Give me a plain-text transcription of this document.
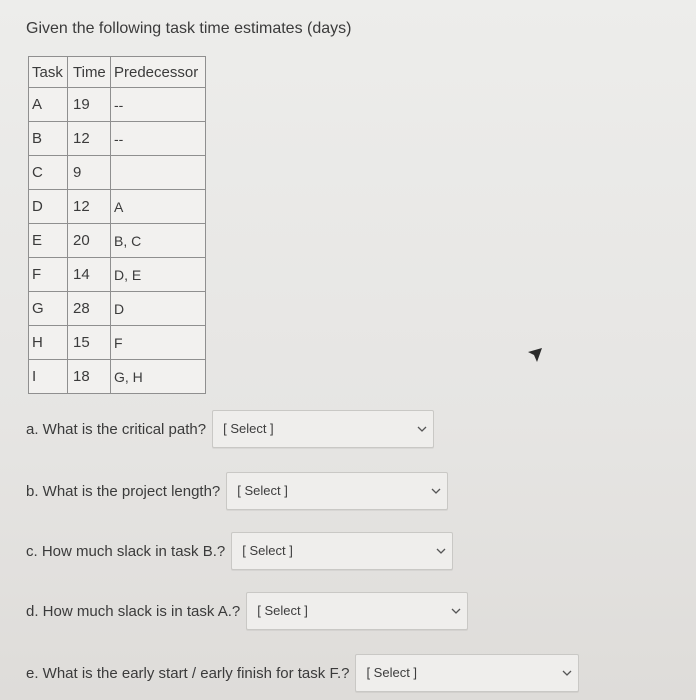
Given the following task time estimates (days)
Task	Time	Predecessor
A	19	--
B	12	--
C	9	
D	12	A
E	20	B, C
F	14	D, E
G	28	D
H	15	F
I	18	G, H
a. What is the critical path? [ Select ]
b. What is the project length? [ Select ]
c. How much slack in task B.? [ Select ]
d. How much slack is in task A.? [ Select ]
e. What is the early start / early finish for task F.? [ Select ]
